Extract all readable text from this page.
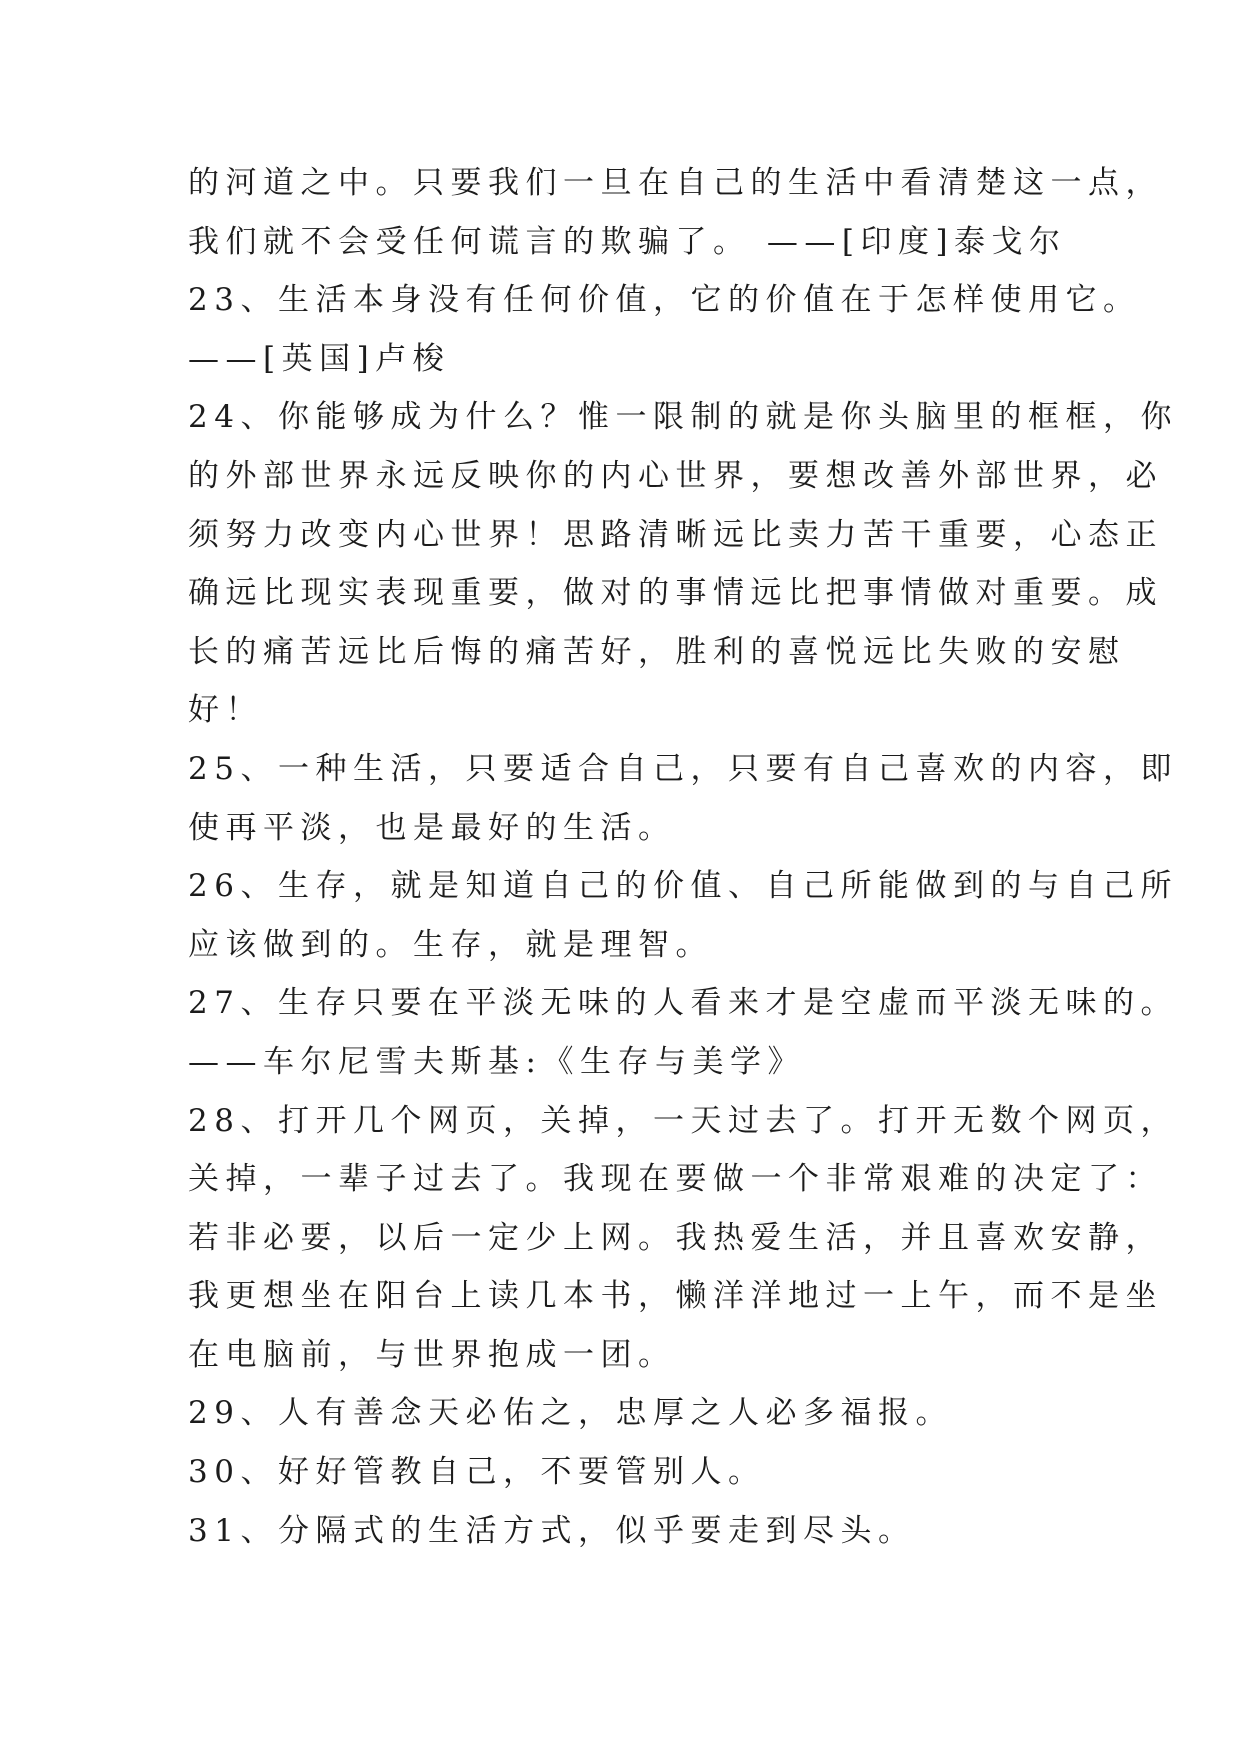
的河道之中。只要我们一旦在自己的生活中看清楚这一点，
我们就不会受任何谎言的欺骗了。 ——[印度]泰戈尔
23、生活本身没有任何价值，它的价值在于怎样使用它。
——[英国]卢梭
24、你能够成为什么？惟一限制的就是你头脑里的框框，你
的外部世界永远反映你的内心世界，要想改善外部世界，必
须努力改变内心世界！思路清晰远比卖力苦干重要，心态正
确远比现实表现重要，做对的事情远比把事情做对重要。成
长的痛苦远比后悔的痛苦好，胜利的喜悦远比失败的安慰
好！
25、一种生活，只要适合自己，只要有自己喜欢的内容，即
使再平淡，也是最好的生活。
26、生存，就是知道自己的价值、自己所能做到的与自己所
应该做到的。生存，就是理智。
27、生存只要在平淡无味的人看来才是空虚而平淡无味的。
——车尔尼雪夫斯基:《生存与美学》
28、打开几个网页，关掉，一天过去了。打开无数个网页，
关掉，一辈子过去了。我现在要做一个非常艰难的决定了：
若非必要，以后一定少上网。我热爱生活，并且喜欢安静，
我更想坐在阳台上读几本书，懒洋洋地过一上午，而不是坐
在电脑前，与世界抱成一团。
29、人有善念天必佑之，忠厚之人必多福报。
30、好好管教自己，不要管别人。
31、分隔式的生活方式，似乎要走到尽头。
